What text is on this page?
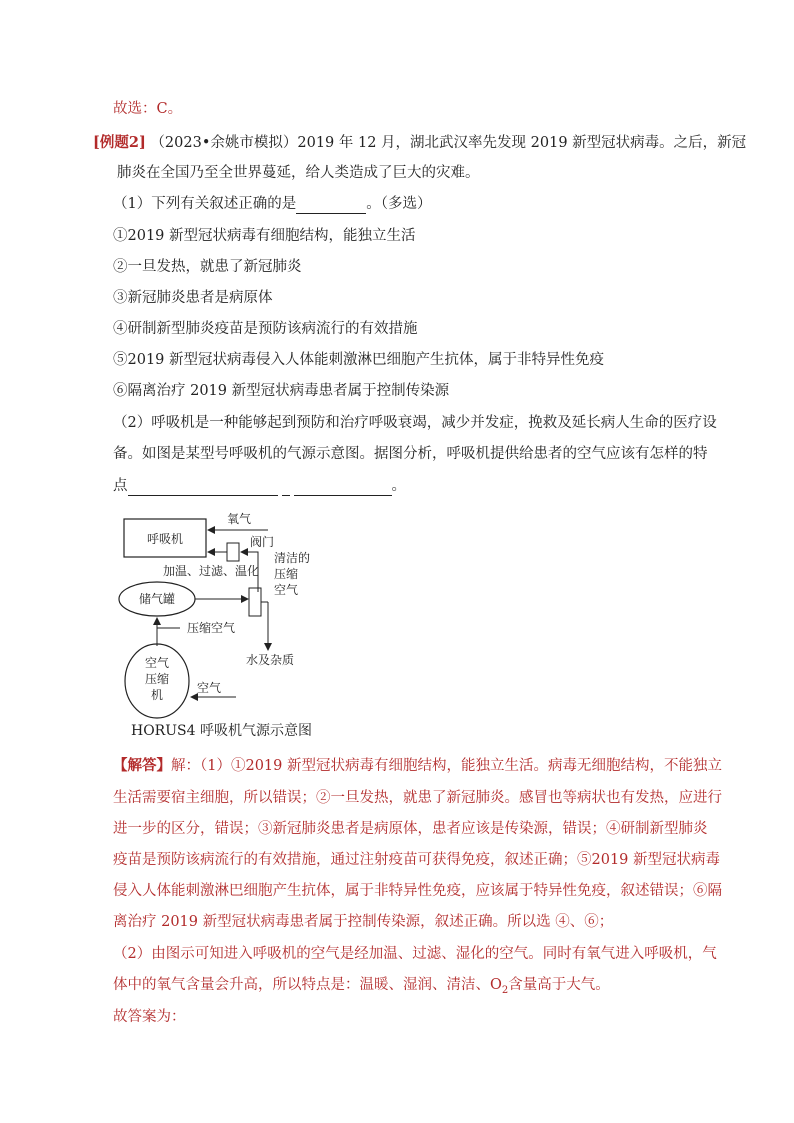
故选：C。
[例题2] （2023•余姚市模拟）2019 年 12 月，湖北武汉率先发现 2019 新型冠状病毒。之后，新冠
肺炎在全国乃至全世界蔓延，给人类造成了巨大的灾难。
（1）下列有关叙述正确的是	。（多选）
①2019 新型冠状病毒有细胞结构，能独立生活
②一旦发热，就患了新冠肺炎
③新冠肺炎患者是病原体
④研制新型肺炎疫苗是预防该病流行的有效措施
⑤2019 新型冠状病毒侵入人体能刺激淋巴细胞产生抗体，属于非特异性免疫
⑥隔离治疗 2019 新型冠状病毒患者属于控制传染源
（2）呼吸机是一种能够起到预防和治疗呼吸衰竭，减少并发症，挽救及延长病人生命的医疗设
备。如图是某型号呼吸机的气源示意图。据图分析，呼吸机提供给患者的空气应该有怎样的特
点	。
呼吸机
氧气
阀门
清洁的
压缩
空气
加温、过滤、温化
储气罐
水及杂质
压缩空气
空气
压缩
机	空气
HORUS4 呼吸机气源示意图
【解答】解：（1）①2019 新型冠状病毒有细胞结构，能独立生活。病毒无细胞结构，不能独立
生活需要宿主细胞，所以错误；②一旦发热，就患了新冠肺炎。感冒也等病状也有发热，应进行
进一步的区分，错误；③新冠肺炎患者是病原体，患者应该是传染源，错误；④研制新型肺炎
疫苗是预防该病流行的有效措施，通过注射疫苗可获得免疫，叙述正确；⑤2019 新型冠状病毒
侵入人体能刺激淋巴细胞产生抗体，属于非特异性免疫，应该属于特异性免疫，叙述错误；⑥隔
离治疗 2019 新型冠状病毒患者属于控制传染源，叙述正确。所以选 ④、⑥；
（2）由图示可知进入呼吸机的空气是经加温、过滤、湿化的空气。同时有氧气进入呼吸机，气
体中的氧气含量会升高，所以特点是：温暖、湿润、清洁、$O_2$含量高于大气。
故答案为：
